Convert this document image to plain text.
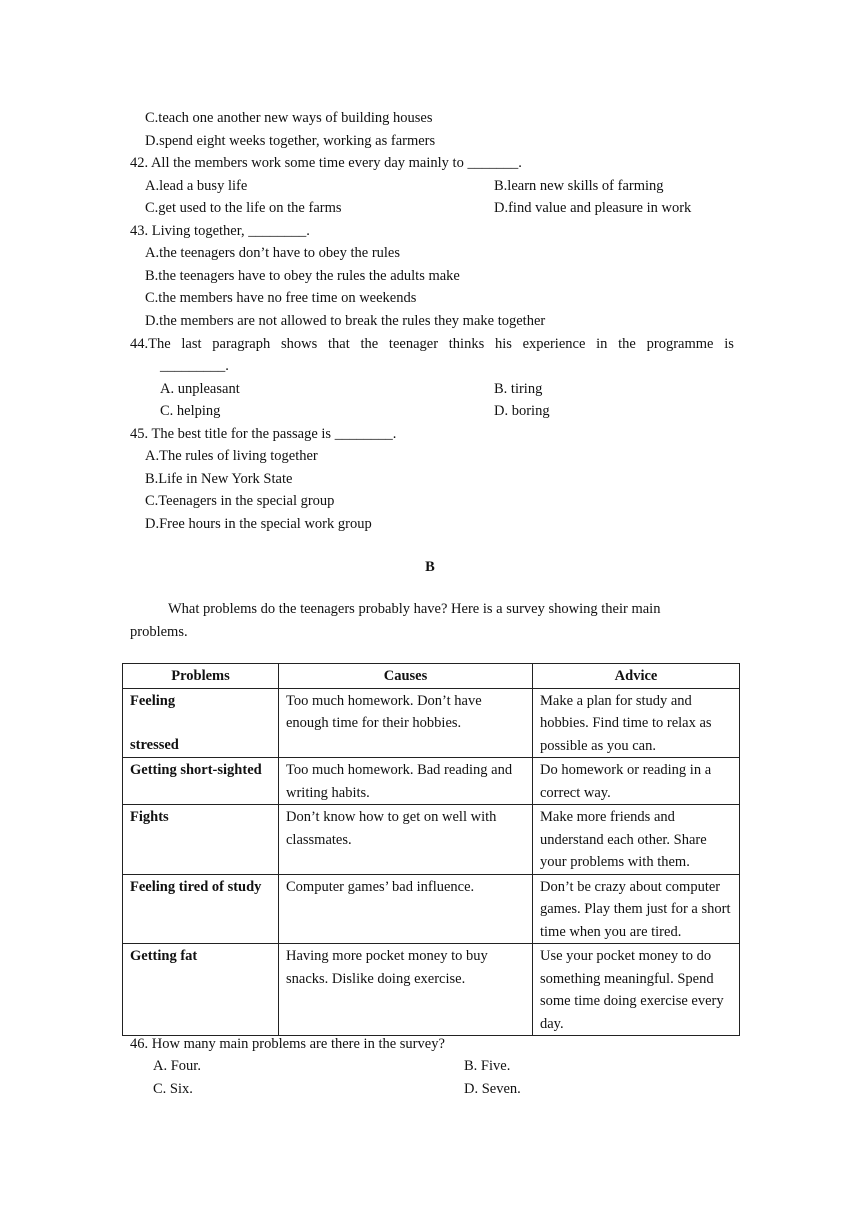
C.teach one another new ways of building houses
D.spend eight weeks together, working as farmers
42. All the members work some time every day mainly to _______.
A.lead a busy life	B.learn new skills of farming
C.get used to the life on the farms	D.find value and pleasure in work
43. Living together, ________.
A.the teenagers don’t have to obey the rules
B.the teenagers have to obey the rules the adults make
C.the members have no free time on weekends
D.the members are not allowed to break the rules they make together
44.The last paragraph shows that the teenager thinks his experience in the programme is
_________.
A. unpleasant	B. tiring
C. helping	D. boring
45. The best title for the passage is ________.
A.The rules of living together
B.Life in New York State
C.Teenagers in the special group
D.Free hours in the special work group
B
What problems do the teenagers probably have? Here is a survey showing their main problems.
Problems	Causes	Advice
Feeling
stressed	Too much homework. Don’t have enough time for their hobbies.	Make a plan for study and hobbies. Find time to relax as possible as you can.
Getting short-sighted	Too much homework. Bad reading and writing habits.	Do homework or reading in a correct way.
Fights	Don’t know how to get on well with classmates.	Make more friends and understand each other. Share your problems with them.
Feeling tired of study	Computer games’ bad influence.	Don’t be crazy about computer games. Play them just for a short time when you are tired.
Getting fat	Having more pocket money to buy snacks. Dislike doing exercise.	Use your pocket money to do something meaningful. Spend some time doing exercise every day.
46. How many main problems are there in the survey?
A. Four.	B. Five.
C. Six.	D. Seven.
